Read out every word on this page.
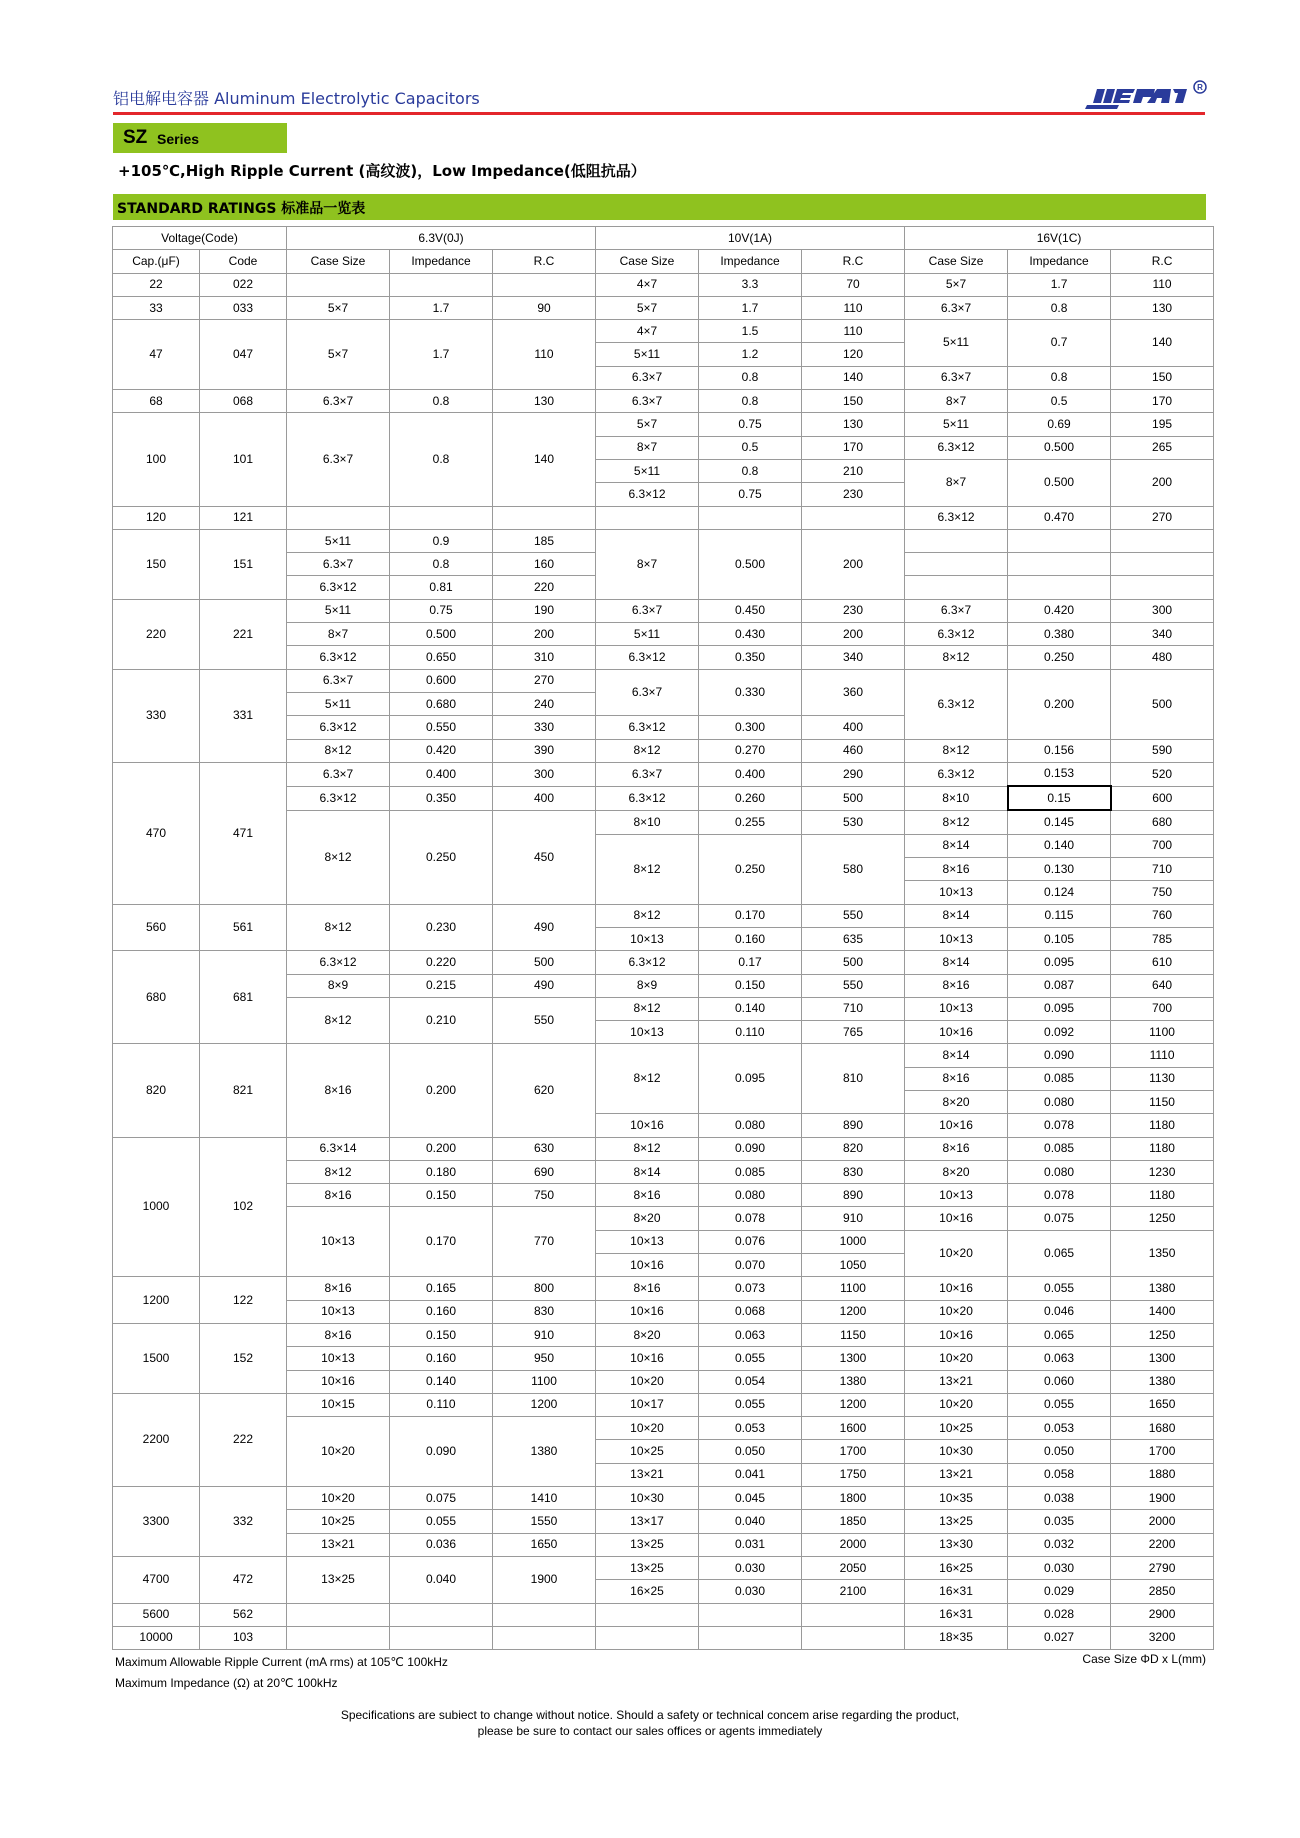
铝电解电容器 Aluminum Electrolytic Capacitors
R
SZ Series
+105℃,High Ripple Current (高纹波)，Low Impedance(低阻抗品）
STANDARD RATINGS 标准品一览表
Voltage(Code)		6.3V(0J)			10V(1A)			16V(1C)		
Cap.(μF)	Code	Case Size	Impedance	R.C	Case Size	Impedance	R.C	Case Size	Impedance	R.C
22	022				4×7	3.3	70	5×7	1.7	110
33	033	5×7	1.7	90	5×7	1.7	110	6.3×7	0.8	130
47	047	5×7	1.7	110	4×7	1.5	110	5×11	0.7	140
					5×11	1.2	120			
					6.3×7	0.8	140	6.3×7	0.8	150
68	068	6.3×7	0.8	130	6.3×7	0.8	150	8×7	0.5	170
100	101	6.3×7	0.8	140	5×7	0.75	130	5×11	0.69	195
					8×7	0.5	170	6.3×12	0.500	265
					5×11	0.8	210	8×7	0.500	200
					6.3×12	0.75	230			
120	121							6.3×12	0.470	270
150	151	5×11	0.9	185	8×7	0.500	200			
		6.3×7	0.8	160						
		6.3×12	0.81	220						
220	221	5×11	0.75	190	6.3×7	0.450	230	6.3×7	0.420	300
		8×7	0.500	200	5×11	0.430	200	6.3×12	0.380	340
		6.3×12	0.650	310	6.3×12	0.350	340	8×12	0.250	480
330	331	6.3×7	0.600	270	6.3×7	0.330	360	6.3×12	0.200	500
		5×11	0.680	240						
		6.3×12	0.550	330	6.3×12	0.300	400			
		8×12	0.420	390	8×12	0.270	460	8×12	0.156	590
470	471	6.3×7	0.400	300	6.3×7	0.400	290	6.3×12	0.153	520
		6.3×12	0.350	400	6.3×12	0.260	500	8×10	0.15	600
		8×12	0.250	450	8×10	0.255	530	8×12	0.145	680
					8×12	0.250	580	8×14	0.140	700
								8×16	0.130	710
								10×13	0.124	750
560	561	8×12	0.230	490	8×12	0.170	550	8×14	0.115	760
					10×13	0.160	635	10×13	0.105	785
680	681	6.3×12	0.220	500	6.3×12	0.17	500	8×14	0.095	610
		8×9	0.215	490	8×9	0.150	550	8×16	0.087	640
		8×12	0.210	550	8×12	0.140	710	10×13	0.095	700
					10×13	0.110	765	10×16	0.092	1100
820	821	8×16	0.200	620	8×12	0.095	810	8×14	0.090	1110
								8×16	0.085	1130
								8×20	0.080	1150
					10×16	0.080	890	10×16	0.078	1180
1000	102	6.3×14	0.200	630	8×12	0.090	820	8×16	0.085	1180
		8×12	0.180	690	8×14	0.085	830	8×20	0.080	1230
		8×16	0.150	750	8×16	0.080	890	10×13	0.078	1180
		10×13	0.170	770	8×20	0.078	910	10×16	0.075	1250
					10×13	0.076	1000	10×20	0.065	1350
					10×16	0.070	1050			
1200	122	8×16	0.165	800	8×16	0.073	1100	10×16	0.055	1380
		10×13	0.160	830	10×16	0.068	1200	10×20	0.046	1400
1500	152	8×16	0.150	910	8×20	0.063	1150	10×16	0.065	1250
		10×13	0.160	950	10×16	0.055	1300	10×20	0.063	1300
		10×16	0.140	1100	10×20	0.054	1380	13×21	0.060	1380
2200	222	10×15	0.110	1200	10×17	0.055	1200	10×20	0.055	1650
		10×20	0.090	1380	10×20	0.053	1600	10×25	0.053	1680
					10×25	0.050	1700	10×30	0.050	1700
					13×21	0.041	1750	13×21	0.058	1880
3300	332	10×20	0.075	1410	10×30	0.045	1800	10×35	0.038	1900
		10×25	0.055	1550	13×17	0.040	1850	13×25	0.035	2000
		13×21	0.036	1650	13×25	0.031	2000	13×30	0.032	2200
4700	472	13×25	0.040	1900	13×25	0.030	2050	16×25	0.030	2790
					16×25	0.030	2100	16×31	0.029	2850
5600	562							16×31	0.028	2900
10000	103							18×35	0.027	3200
Maximum Allowable Ripple Current (mA rms) at 105℃ 100kHz
Maximum Impedance (Ω) at 20℃ 100kHz
Case Size ΦD x L(mm)
Specifications are subiect to change without notice. Should a safety or technical concem arise regarding the product,
please be sure to contact our sales offices or agents immediately
